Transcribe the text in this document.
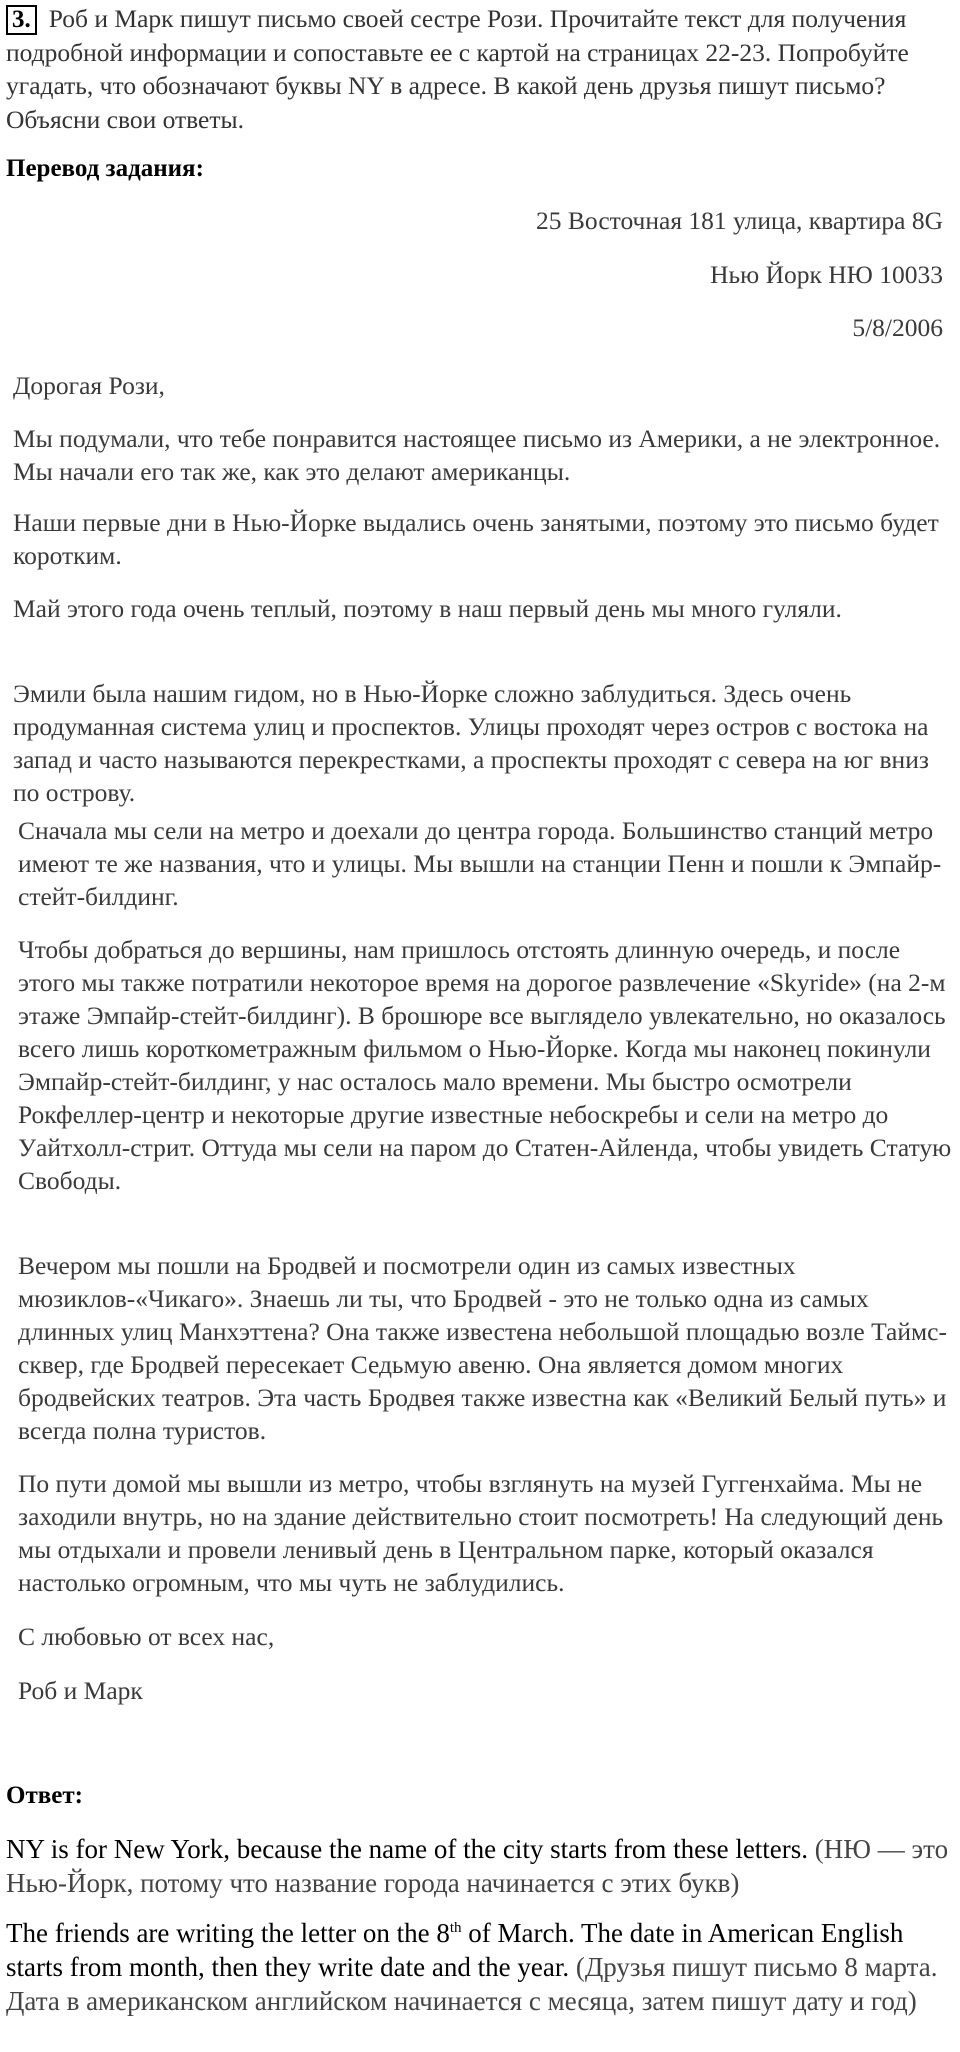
3. Роб и Марк пишут письмо своей сестре Рози. Прочитайте текст для получения подробной информации и сопоставьте ее с картой на страницах 22-23. Попробуйте угадать, что обозначают буквы NY в адресе. В какой день друзья пишут письмо? Объясни свои ответы.
Перевод задания:
25 Восточная 181 улица, квартира 8G
Нью Йорк НЮ 10033
5/8/2006
Дорогая Рози,
Мы подумали, что тебе понравится настоящее письмо из Америки, а не электронное. Мы начали его так же, как это делают американцы.
Наши первые дни в Нью-Йорке выдались очень занятыми, поэтому это письмо будет коротким.
Май этого года очень теплый, поэтому в наш первый день мы много гуляли.
Эмили была нашим гидом, но в Нью-Йорке сложно заблудиться. Здесь очень продуманная система улиц и проспектов. Улицы проходят через остров с востока на запад и часто называются перекрестками, а проспекты проходят с севера на юг вниз по острову.
Сначала мы сели на метро и доехали до центра города. Большинство станций метро имеют те же названия, что и улицы. Мы вышли на станции Пенн и пошли к Эмпайр-стейт-билдинг.
Чтобы добраться до вершины, нам пришлось отстоять длинную очередь, и после этого мы также потратили некоторое время на дорогое развлечение «Skyride» (на 2-м этаже Эмпайр-стейт-билдинг). В брошюре все выглядело увлекательно, но оказалось всего лишь короткометражным фильмом о Нью-Йорке. Когда мы наконец покинули Эмпайр-стейт-билдинг, у нас осталось мало времени. Мы быстро осмотрели Рокфеллер-центр и некоторые другие известные небоскребы и сели на метро до Уайтхолл-стрит. Оттуда мы сели на паром до Статен-Айленда, чтобы увидеть Статую Свободы.
Вечером мы пошли на Бродвей и посмотрели один из самых известных мюзиклов-«Чикаго». Знаешь ли ты, что Бродвей - это не только одна из самых длинных улиц Манхэттена? Она также известена небольшой площадью возле Таймс-сквер, где Бродвей пересекает Седьмую авеню. Она является домом многих бродвейских театров. Эта часть Бродвея также известна как «Великий Белый путь» и всегда полна туристов.
По пути домой мы вышли из метро, чтобы взглянуть на музей Гуггенхайма. Мы не заходили внутрь, но на здание действительно стоит посмотреть! На следующий день мы отдыхали и провели ленивый день в Центральном парке, который оказался настолько огромным, что мы чуть не заблудились.
С любовью от всех нас,
Роб и Марк
Ответ:
NY is for New York, because the name of the city starts from these letters. (НЮ — это Нью-Йорк, потому что название города начинается с этих букв)
The friends are writing the letter on the 8th of March. The date in American English starts from month, then they write date and the year. (Друзья пишут письмо 8 марта. Дата в американском английском начинается с месяца, затем пишут дату и год)
